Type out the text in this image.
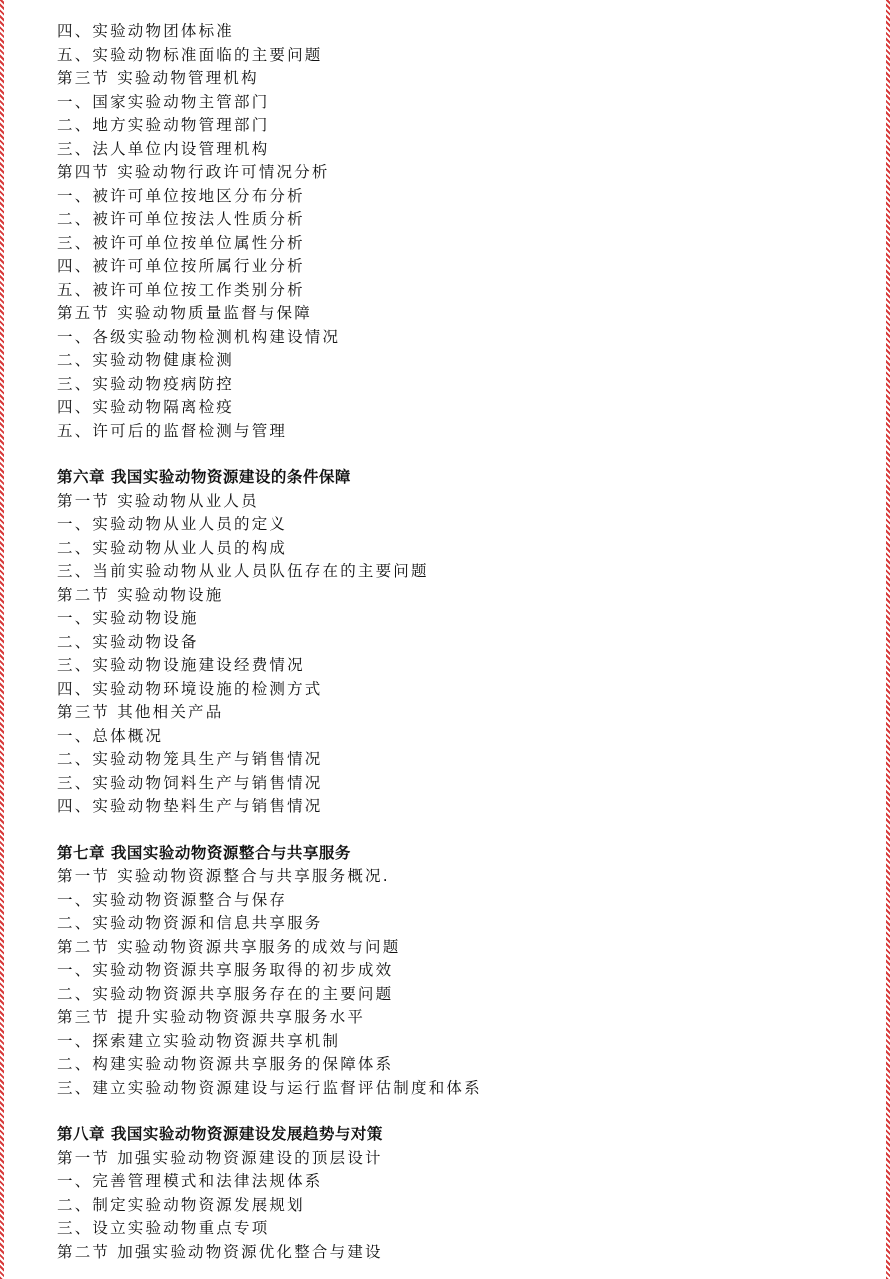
四、实验动物团体标准
五、实验动物标准面临的主要问题
第三节 实验动物管理机构
一、国家实验动物主管部门
二、地方实验动物管理部门
三、法人单位内设管理机构
第四节 实验动物行政许可情况分析
一、被许可单位按地区分布分析
二、被许可单位按法人性质分析
三、被许可单位按单位属性分析
四、被许可单位按所属行业分析
五、被许可单位按工作类别分析
第五节 实验动物质量监督与保障
一、各级实验动物检测机构建设情况
二、实验动物健康检测
三、实验动物疫病防控
四、实验动物隔离检疫
五、许可后的监督检测与管理
第六章 我国实验动物资源建设的条件保障
第一节 实验动物从业人员
一、实验动物从业人员的定义
二、实验动物从业人员的构成
三、当前实验动物从业人员队伍存在的主要问题
第二节 实验动物设施
一、实验动物设施
二、实验动物设备
三、实验动物设施建设经费情况
四、实验动物环境设施的检测方式
第三节 其他相关产品
一、总体概况
二、实验动物笼具生产与销售情况
三、实验动物饲料生产与销售情况
四、实验动物垫料生产与销售情况
第七章 我国实验动物资源整合与共享服务
第一节 实验动物资源整合与共享服务概况.
一、实验动物资源整合与保存
二、实验动物资源和信息共享服务
第二节 实验动物资源共享服务的成效与问题
一、实验动物资源共享服务取得的初步成效
二、实验动物资源共享服务存在的主要问题
第三节 提升实验动物资源共享服务水平
一、探索建立实验动物资源共享机制
二、构建实验动物资源共享服务的保障体系
三、建立实验动物资源建设与运行监督评估制度和体系
第八章 我国实验动物资源建设发展趋势与对策
第一节 加强实验动物资源建设的顶层设计
一、完善管理模式和法律法规体系
二、制定实验动物资源发展规划
三、设立实验动物重点专项
第二节 加强实验动物资源优化整合与建设
